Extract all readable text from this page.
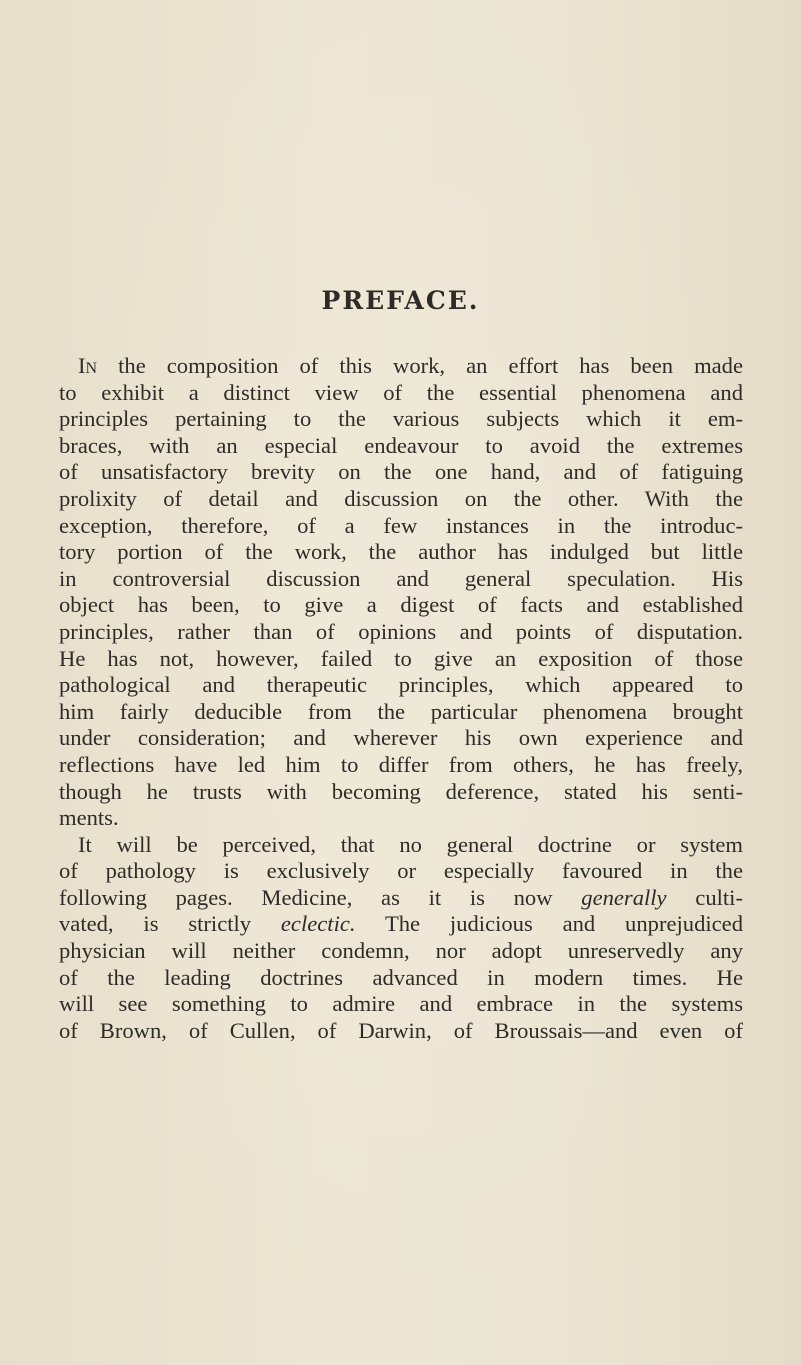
PREFACE.
In the composition of this work, an effort has been made
to exhibit a distinct view of the essential phenomena and
principles pertaining to the various subjects which it em-
braces, with an especial endeavour to avoid the extremes
of unsatisfactory brevity on the one hand, and of fatiguing
prolixity of detail and discussion on the other. With the
exception, therefore, of a few instances in the introduc-
tory portion of the work, the author has indulged but little
in controversial discussion and general speculation. His
object has been, to give a digest of facts and established
principles, rather than of opinions and points of disputation.
He has not, however, failed to give an exposition of those
pathological and therapeutic principles, which appeared to
him fairly deducible from the particular phenomena brought
under consideration; and wherever his own experience and
reflections have led him to differ from others, he has freely,
though he trusts with becoming deference, stated his senti-
ments.
It will be perceived, that no general doctrine or system
of pathology is exclusively or especially favoured in the
following pages. Medicine, as it is now generally culti-
vated, is strictly eclectic. The judicious and unprejudiced
physician will neither condemn, nor adopt unreservedly any
of the leading doctrines advanced in modern times. He
will see something to admire and embrace in the systems
of Brown, of Cullen, of Darwin, of Broussais—and even of
